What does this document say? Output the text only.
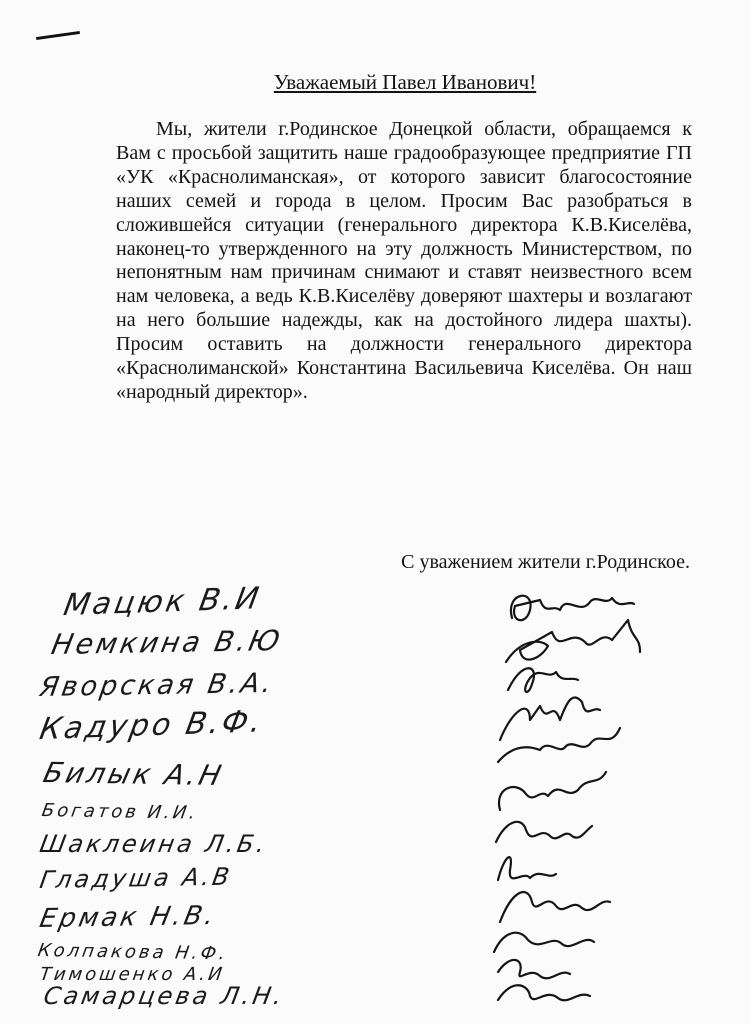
Уважаемый Павел Иванович!

Мы, жители г.Родинское Донецкой области, обращаемся к Вам с просьбой защитить наше градообразующее предприятие ГП «УК «Краснолиманская», от которого зависит благосостояние наших семей и города в целом. Просим Вас разобраться в сложившейся ситуации (генерального директора К.В.Киселёва, наконец-то утвержденного на эту должность Министерством, по непонятным нам причинам снимают и ставят неизвестного всем нам человека, а ведь К.В.Киселёву доверяют шахтеры и возлагают на него большие надежды, как на достойного лидера шахты). Просим оставить на должности генерального директора «Краснолиманской» Константина Васильевича Киселёва. Он наш «народный директор».

С уважением жители г.Родинское.
Мацюк В.И
Немкина В.Ю
Яворская В.А.
Кадуро В.Ф.
Билык А.Н
Богатов И.И.
Шаклеина Л.Б.
Гладуша А.В
Ермак Н.В.
Колпакова Н.Ф.
Тимошенко А.И
Самарцева Л.Н.
